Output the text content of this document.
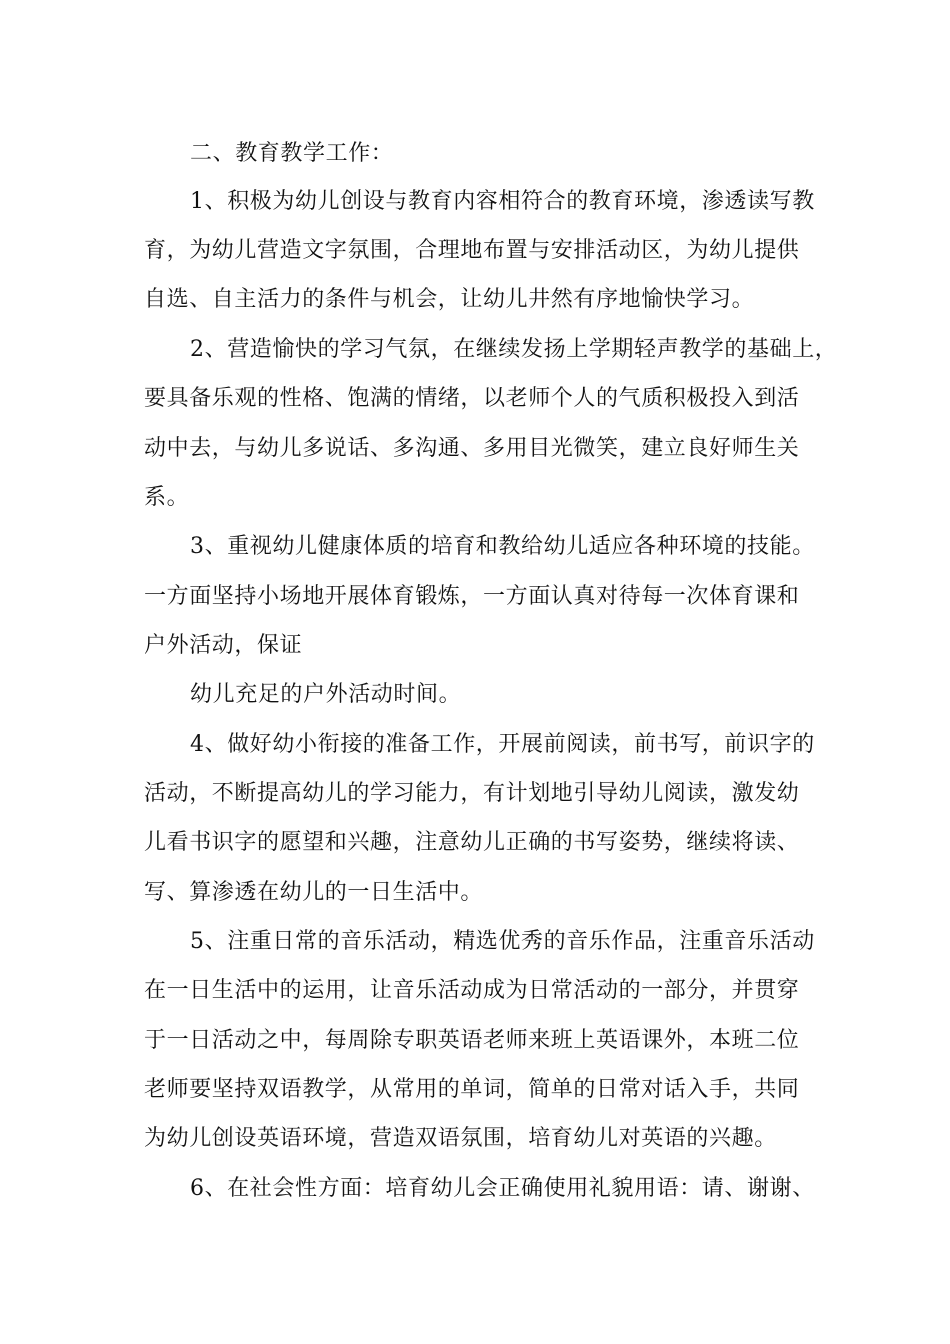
二、教育教学工作：
1、积极为幼儿创设与教育内容相符合的教育环境，渗透读写教
育，为幼儿营造文字氛围，合理地布置与安排活动区，为幼儿提供
自选、自主活力的条件与机会，让幼儿井然有序地愉快学习。
2、营造愉快的学习气氛，在继续发扬上学期轻声教学的基础上，
要具备乐观的性格、饱满的情绪，以老师个人的气质积极投入到活
动中去，与幼儿多说话、多沟通、多用目光微笑，建立良好师生关
系。
3、重视幼儿健康体质的培育和教给幼儿适应各种环境的技能。
一方面坚持小场地开展体育锻炼，一方面认真对待每一次体育课和
户外活动，保证
幼儿充足的户外活动时间。
4、做好幼小衔接的准备工作，开展前阅读，前书写，前识字的
活动，不断提高幼儿的学习能力，有计划地引导幼儿阅读，激发幼
儿看书识字的愿望和兴趣，注意幼儿正确的书写姿势，继续将读、
写、算渗透在幼儿的一日生活中。
5、注重日常的音乐活动，精选优秀的音乐作品，注重音乐活动
在一日生活中的运用，让音乐活动成为日常活动的一部分，并贯穿
于一日活动之中，每周除专职英语老师来班上英语课外，本班二位
老师要坚持双语教学，从常用的单词，简单的日常对话入手，共同
为幼儿创设英语环境，营造双语氛围，培育幼儿对英语的兴趣。
6、在社会性方面：培育幼儿会正确使用礼貌用语：请、谢谢、
